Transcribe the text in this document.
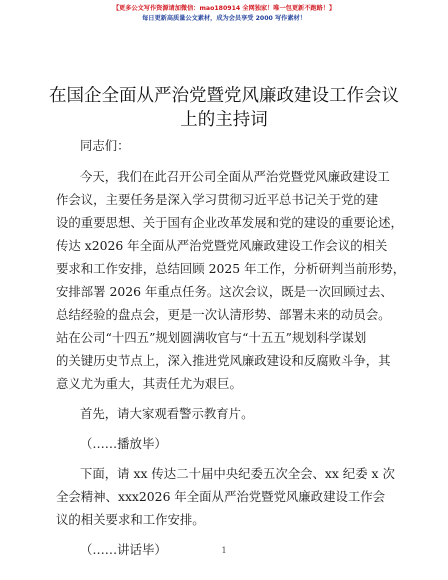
【更多公文写作资源请加微信：mao180914 全网独家！唯一包更新不跑路！】
每日更新高质量公文素材，成为会员享受 2000 写作素材！
在国企全面从严治党暨党风廉政建设工作会议
上的主持词
同志们：
今天，我们在此召开公司全面从严治党暨党风廉政建设工
作会议，主要任务是深入学习贯彻习近平总书记关于党的建
设的重要思想、关于国有企业改革发展和党的建设的重要论述，
传达 x2026 年全面从严治党暨党风廉政建设工作会议的相关
要求和工作安排，总结回顾 2025 年工作，分析研判当前形势，
安排部署 2026 年重点任务。这次会议，既是一次回顾过去、
总结经验的盘点会，更是一次认清形势、部署未来的动员会。
站在公司“十四五”规划圆满收官与“十五五”规划科学谋划
的关键历史节点上，深入推进党风廉政建设和反腐败斗争，其
意义尤为重大，其责任尤为艰巨。
首先，请大家观看警示教育片。
（……播放毕）
下面，请 xx 传达二十届中央纪委五次全会、xx 纪委 x 次
全会精神、xxx2026 年全面从严治党暨党风廉政建设工作会
议的相关要求和工作安排。
（……讲话毕）	1
